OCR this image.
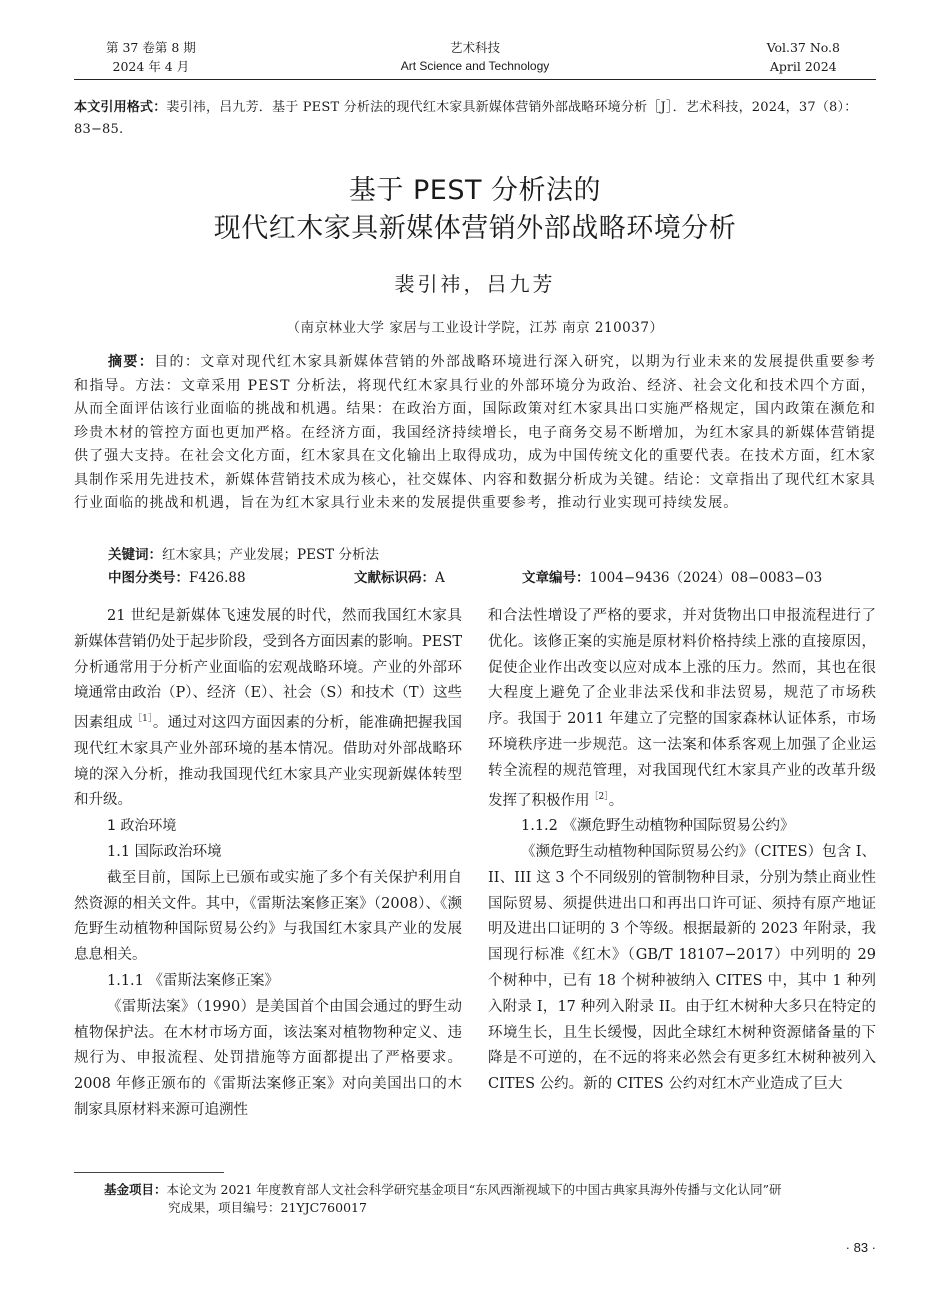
第 37 卷第 8 期
2024 年 4 月
艺术科技
Art Science and Technology
Vol.37 No.8
April 2024
本文引用格式：裴引祎，吕九芳．基于 PEST 分析法的现代红木家具新媒体营销外部战略环境分析［J］．艺术科技，2024，37（8）：83−85.
基于 PEST 分析法的
现代红木家具新媒体营销外部战略环境分析
裴引祎，吕九芳
（南京林业大学 家居与工业设计学院，江苏 南京 210037）
摘要：目的：文章对现代红木家具新媒体营销的外部战略环境进行深入研究，以期为行业未来的发展提供重要参考和指导。方法：文章采用 PEST 分析法，将现代红木家具行业的外部环境分为政治、经济、社会文化和技术四个方面，从而全面评估该行业面临的挑战和机遇。结果：在政治方面，国际政策对红木家具出口实施严格规定，国内政策在濒危和珍贵木材的管控方面也更加严格。在经济方面，我国经济持续增长，电子商务交易不断增加，为红木家具的新媒体营销提供了强大支持。在社会文化方面，红木家具在文化输出上取得成功，成为中国传统文化的重要代表。在技术方面，红木家具制作采用先进技术，新媒体营销技术成为核心，社交媒体、内容和数据分析成为关键。结论：文章指出了现代红木家具行业面临的挑战和机遇，旨在为红木家具行业未来的发展提供重要参考，推动行业实现可持续发展。
关键词：红木家具；产业发展；PEST 分析法
中图分类号：F426.88	文献标识码：A	文章编号：1004−9436（2024）08−0083−03

21 世纪是新媒体飞速发展的时代，然而我国红木家具新媒体营销仍处于起步阶段，受到各方面因素的影响。PEST 分析通常用于分析产业面临的宏观战略环境。产业的外部环境通常由政治（P）、经济（E）、社会（S）和技术（T）这些因素组成$^{[1]}$。通过对这四方面因素的分析，能准确把握我国现代红木家具产业外部环境的基本情况。借助对外部战略环境的深入分析，推动我国现代红木家具产业实现新媒体转型和升级。

1 政治环境
1.1 国际政治环境

截至目前，国际上已颁布或实施了多个有关保护利用自然资源的相关文件。其中，《雷斯法案修正案》（2008）、《濒危野生动植物种国际贸易公约》与我国红木家具产业的发展息息相关。

1.1.1 《雷斯法案修正案》

《雷斯法案》（1990）是美国首个由国会通过的野生动植物保护法。在木材市场方面，该法案对植物物种定义、违规行为、申报流程、处罚措施等方面都提出了严格要求。2008 年修正颁布的《雷斯法案修正案》对向美国出口的木制家具原材料来源可追溯性

和合法性增设了严格的要求，并对货物出口申报流程进行了优化。该修正案的实施是原材料价格持续上涨的直接原因，促使企业作出改变以应对成本上涨的压力。然而，其也在很大程度上避免了企业非法采伐和非法贸易，规范了市场秩序。我国于 2011 年建立了完整的国家森林认证体系，市场环境秩序进一步规范。这一法案和体系客观上加强了企业运转全流程的规范管理，对我国现代红木家具产业的改革升级发挥了积极作用$^{[2]}$。

1.1.2 《濒危野生动植物种国际贸易公约》

《濒危野生动植物种国际贸易公约》（CITES）包含 I、II、III 这 3 个不同级别的管制物种目录，分别为禁止商业性国际贸易、须提供进出口和再出口许可证、须持有原产地证明及进出口证明的 3 个等级。根据最新的 2023 年附录，我国现行标准《红木》（GB/T 18107−2017）中列明的 29 个树种中，已有 18 个树种被纳入 CITES 中，其中 1 种列入附录 I，17 种列入附录 II。由于红木树种大多只在特定的环境生长，且生长缓慢，因此全球红木树种资源储备量的下降是不可逆的，在不远的将来必然会有更多红木树种被列入 CITES 公约。新的 CITES 公约对红木产业造成了巨大

基金项目：本论文为 2021 年度教育部人文社会科学研究基金项目“东风西渐视域下的中国古典家具海外传播与文化认同”研
究成果，项目编号：21YJC760017
· 83 ·
